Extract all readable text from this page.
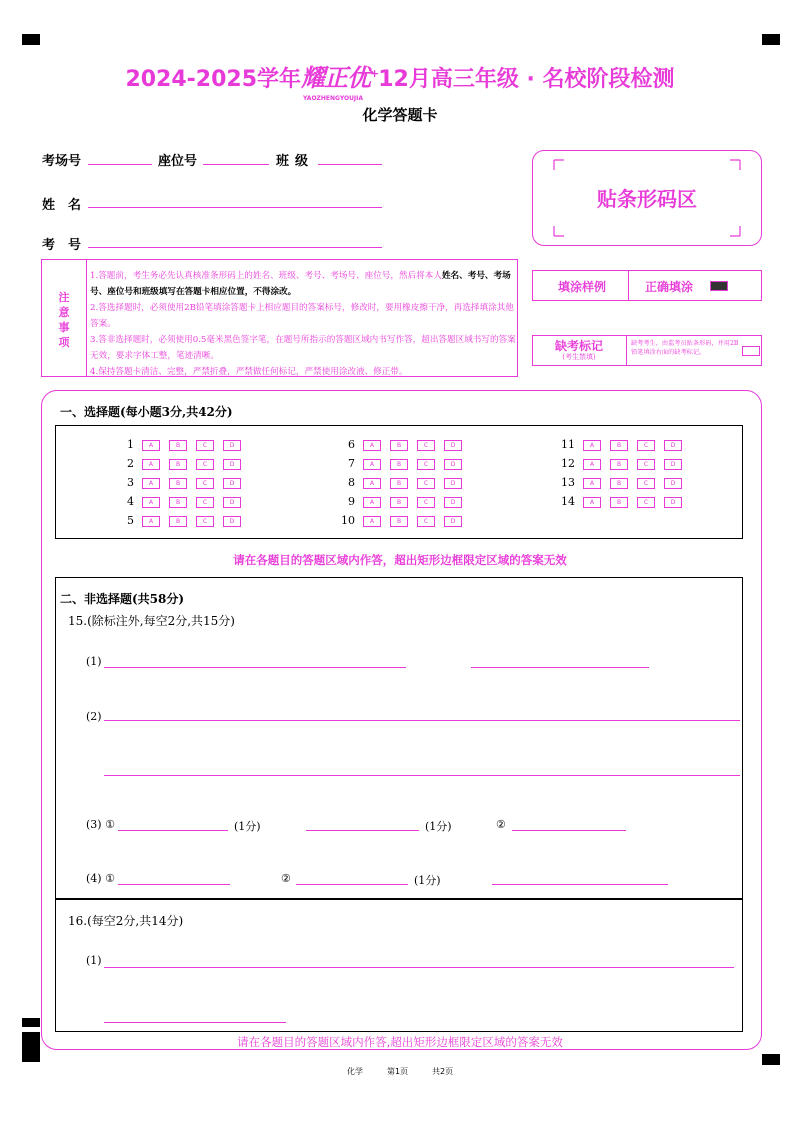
2024-2025学年耀正优+
YAOZHENGYOUJIA
12月高三年级 · 名校阶段检测
化学答题卡
考场号	座位号	班级
姓　名
考　号
贴条形码区
注
意
事
项
1.答题前，考生务必先认真核准条形码上的姓名、班级、考号、考场号、座位号，然后将本人姓名、考号、考场号、座位号和班级填写在答题卡相应位置，不得涂改。
2.答选择题时，必须使用2B铅笔填涂答题卡上相应题目的答案标号，修改时，要用橡皮擦干净，再选择填涂其他答案。
3.答非选择题时，必须使用0.5毫米黑色签字笔，在题号所指示的答题区域内书写作答，超出答题区域书写的答案无效，要求字体工整，笔迹清晰。
4.保持答题卡清洁、完整，严禁折叠，严禁做任何标记，严禁使用涂改液、修正带。
填涂样例	正确填涂
缺考标记
(考生禁填)
缺考考生，由监考员贴条形码，并用2B铅笔填涂右面的缺考标记。
一、选择题(每小题3分,共42分)
1 A	B	C	D
2 A	B	C	D
3 A	B	C	D
4 A	B	C	D
5 A	B	C	D
6 A	B	C	D
7 A	B	C	D
8 A	B	C	D
9 A	B	C	D
10 A	B	C	D
11 A	B	C	D
12 A	B	C	D
13 A	B	C	D
14 A	B	C	D
请在各题目的答题区域内作答，超出矩形边框限定区域的答案无效
二、非选择题(共58分)
15.(除标注外,每空2分,共15分)
(1)
(2)
(3) ①	(1分)	(1分)	②
(4) ①	②	(1分)
16.(每空2分,共14分)
(1)
请在各题目的答题区域内作答,超出矩形边框限定区域的答案无效
化学	第1页	共2页
